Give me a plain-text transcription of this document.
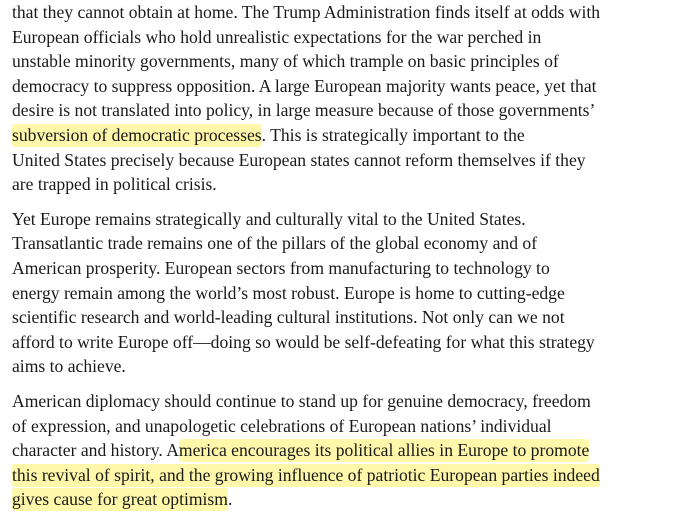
that they cannot obtain at home. The Trump Administration finds itself at odds with
European officials who hold unrealistic expectations for the war perched in
unstable minority governments, many of which trample on basic principles of
democracy to suppress opposition. A large European majority wants peace, yet that
desire is not translated into policy, in large measure because of those governments’
subversion of democratic processes. This is strategically important to the
United States precisely because European states cannot reform themselves if they
are trapped in political crisis.
Yet Europe remains strategically and culturally vital to the United States.
Transatlantic trade remains one of the pillars of the global economy and of
American prosperity. European sectors from manufacturing to technology to
energy remain among the world’s most robust. Europe is home to cutting-edge
scientific research and world-leading cultural institutions. Not only can we not
afford to write Europe off—doing so would be self-defeating for what this strategy
aims to achieve.
American diplomacy should continue to stand up for genuine democracy, freedom
of expression, and unapologetic celebrations of European nations’ individual
character and history. America encourages its political allies in Europe to promote
this revival of spirit, and the growing influence of patriotic European parties indeed
gives cause for great optimism.
